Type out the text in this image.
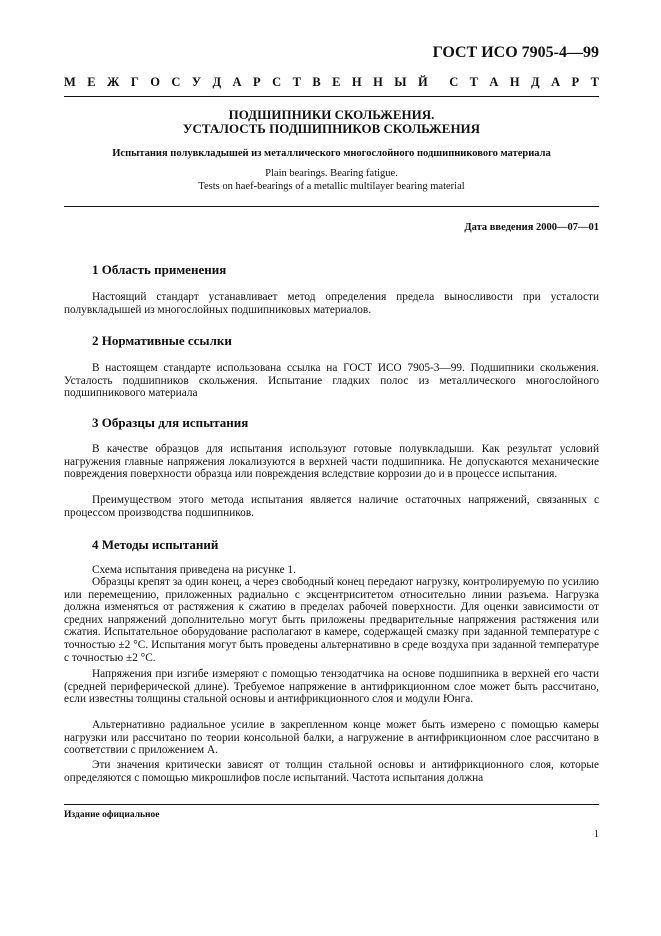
ГОСТ ИСО 7905-4—99
М Е Ж Г О С У Д А Р С Т В Е Н Н Ы Й С Т А Н Д А Р Т
ПОДШИПНИКИ СКОЛЬЖЕНИЯ.
УСТАЛОСТЬ ПОДШИПНИКОВ СКОЛЬЖЕНИЯ
Испытания полувкладышей из металлического многослойного подшипникового материала
Plain bearings. Bearing fatigue.
Tests on haef-bearings of a metallic multilayer bearing material
Дата введения 2000—07—01
1 Область применения

Настоящий стандарт устанавливает метод определения предела выносливости при усталости полувкладышей из многослойных подшипниковых материалов.

2 Нормативные ссылки

В настоящем стандарте использована ссылка на ГОСТ ИСО 7905-3—99. Подшипники скольжения. Усталость подшипников скольжения. Испытание гладких полос из металлического многослойного подшипникового материала

3 Образцы для испытания

В качестве образцов для испытания используют готовые полувкладыши. Как результат условий нагружения главные напряжения локализуются в верхней части подшипника. Не допускаются механические повреждения поверхности образца или повреждения вследствие коррозии до и в процессе испытания.

Преимуществом этого метода испытания является наличие остаточных напряжений, связанных с процессом производства подшипников.

4 Методы испытаний

Схема испытания приведена на рисунке 1.

Образцы крепят за один конец, а через свободный конец передают нагрузку, контролируемую по усилию или перемещению, приложенных радиально с эксцентриситетом относительно линии разъема. Нагрузка должна изменяться от растяжения к сжатию в пределах рабочей поверхности. Для оценки зависимости от средних напряжений дополнительно могут быть приложены предварительные напряжения растяжения или сжатия. Испытательное оборудование располагают в камере, содержащей смазку при заданной температуре с точностью ±2 °С. Испытания могут быть проведены альтернативно в среде воздуха при заданной температуре с точностью ±2 °С.

Напряжения при изгибе измеряют с помощью тензодатчика на основе подшипника в верхней его части (средней периферической длине). Требуемое напряжение в антифрикционном слое может быть рассчитано, если известны толщины стальной основы и антифрикционного слоя и модули Юнга.

Альтернативно радиальное усилие в закрепленном конце может быть измерено с помощью камеры нагрузки или рассчитано по теории консольной балки, а нагружение в антифрикционном слое рассчитано в соответствии с приложением А.

Эти значения критически зависят от толщин стальной основы и антифрикционного слоя, которые определяются с помощью микрошлифов после испытаний. Частота испытания должна

Издание официальное
1
